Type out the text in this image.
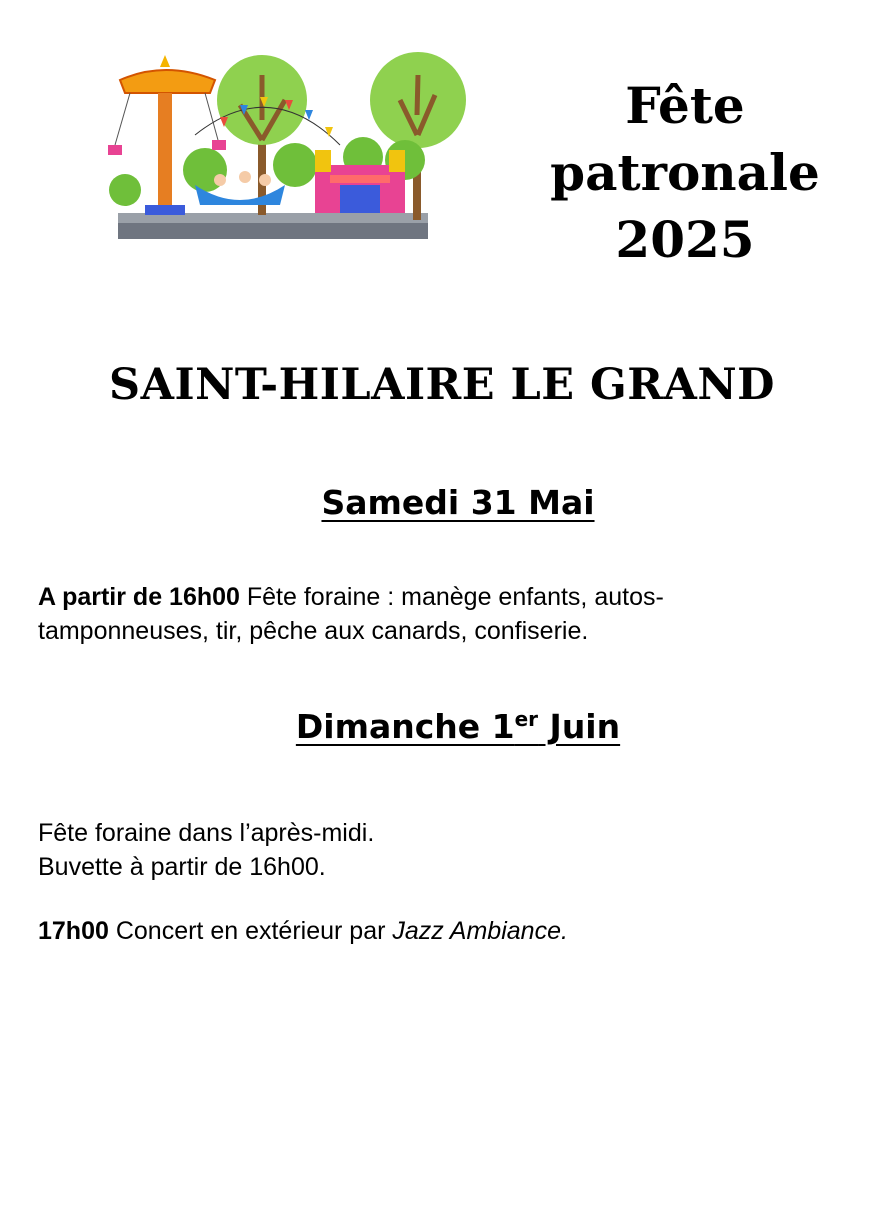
Fête
patronale
2025
SAINT-HILAIRE LE GRAND
Samedi 31 Mai
A partir de 16h00 Fête foraine : manège enfants, autos-
tamponneuses, tir, pêche aux canards, confiserie.
Dimanche 1er Juin
Fête foraine dans l’après-midi.
Buvette à partir de 16h00.
17h00 Concert en extérieur par Jazz Ambiance.
